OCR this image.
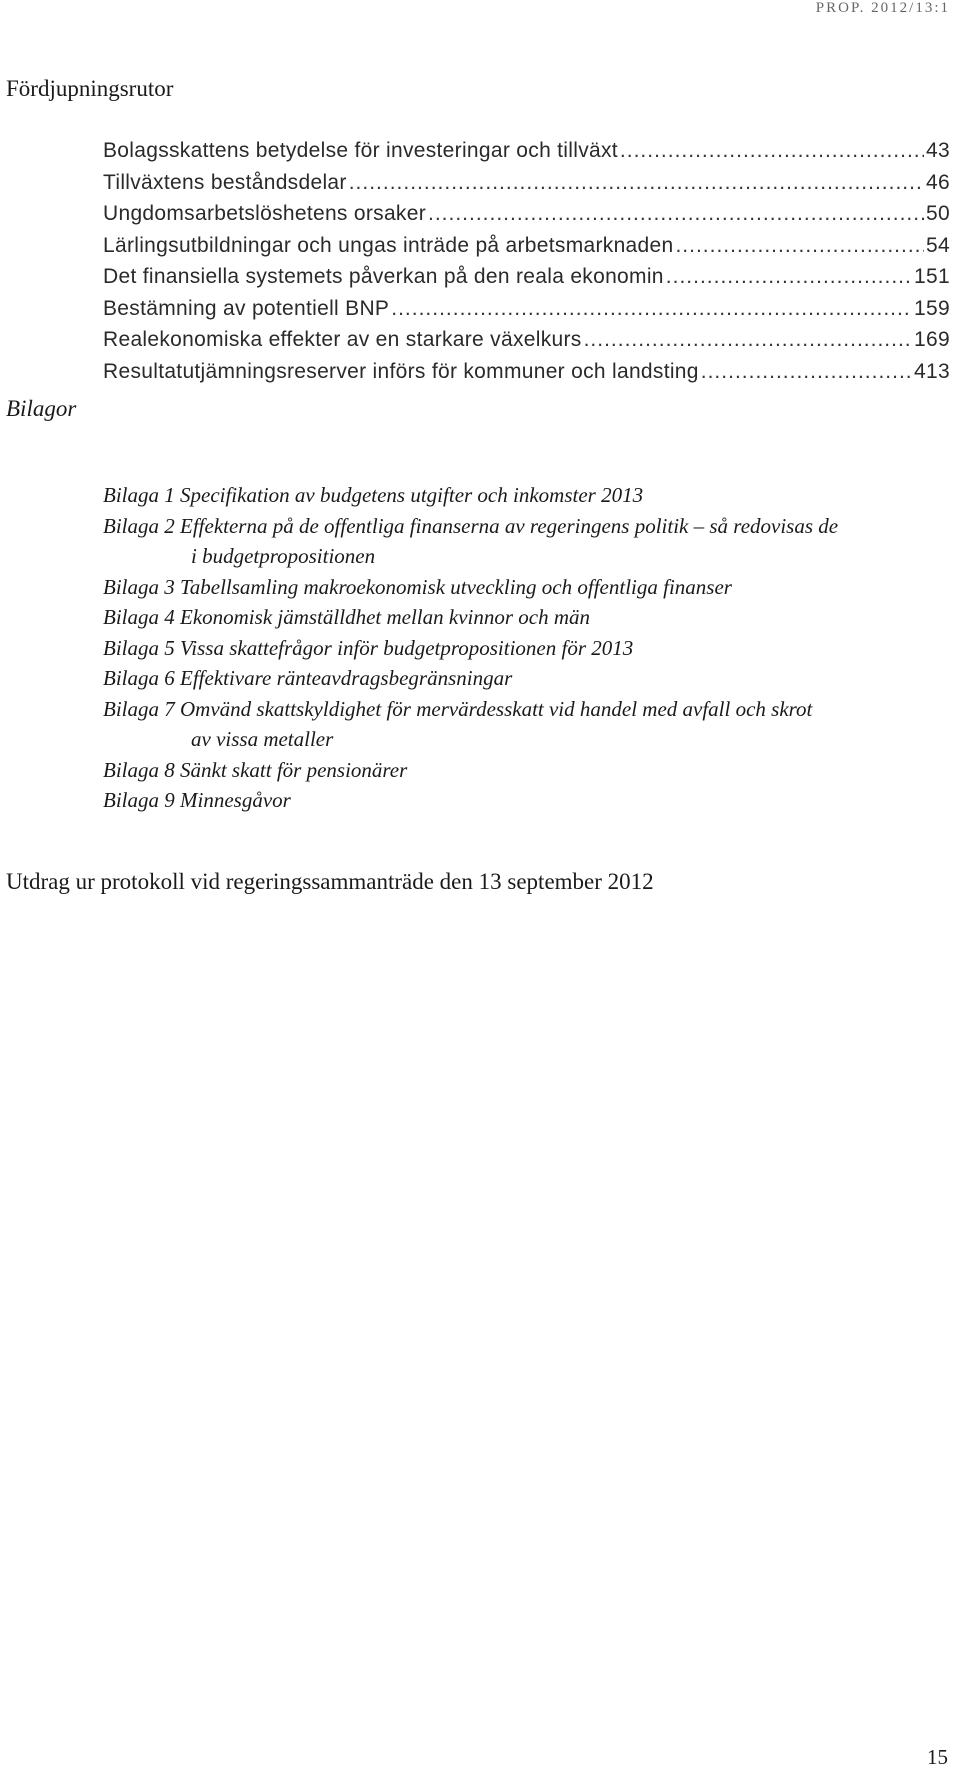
PROP. 2012/13:1
Fördjupningsrutor
Bolagsskattens betydelse för investeringar och tillväxt .....	43
Tillväxtens beståndsdelar .....	46
Ungdomsarbetslöshetens orsaker .....	50
Lärlingsutbildningar och ungas inträde på arbetsmarknaden .....	54
Det finansiella systemets påverkan på den reala ekonomin .....	151
Bestämning av potentiell BNP .....	159
Realekonomiska effekter av en starkare växelkurs .....	169
Resultatutjämningsreserver införs för kommuner och landsting .....	413
Bilagor
Bilaga 1 Specifikation av budgetens utgifter och inkomster 2013
Bilaga 2 Effekterna på de offentliga finanserna av regeringens politik – så redovisas de
i budgetpropositionen
Bilaga 3 Tabellsamling makroekonomisk utveckling och offentliga finanser
Bilaga 4 Ekonomisk jämställdhet mellan kvinnor och män
Bilaga 5 Vissa skattefrågor inför budgetpropositionen för 2013
Bilaga 6 Effektivare ränteavdragsbegränsningar
Bilaga 7 Omvänd skattskyldighet för mervärdesskatt vid handel med avfall och skrot
av vissa metaller
Bilaga 8 Sänkt skatt för pensionärer
Bilaga 9 Minnesgåvor
Utdrag ur protokoll vid regeringssammanträde den 13 september 2012
15
